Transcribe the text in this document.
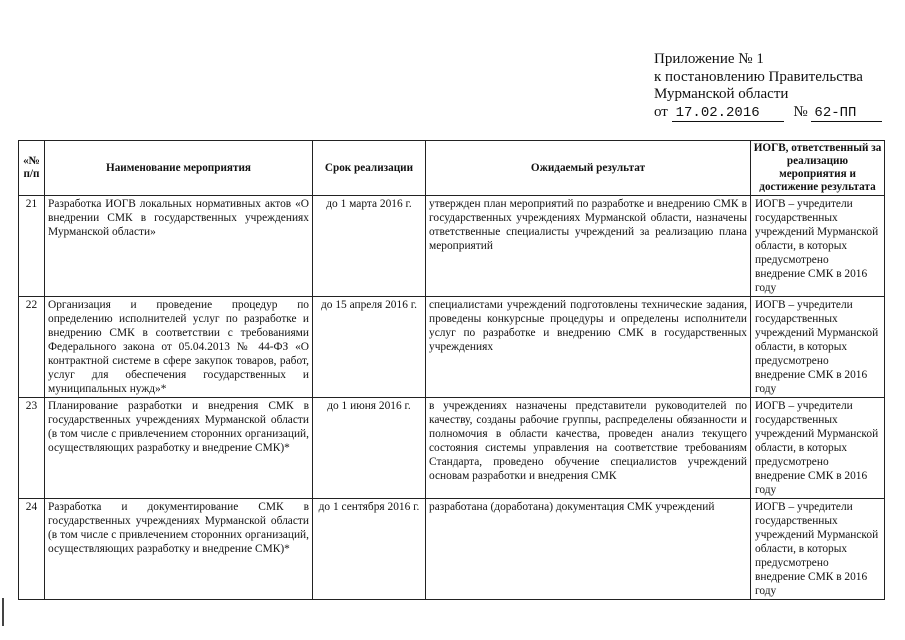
Приложение № 1
к постановлению Правительства
Мурманской области
от 17.02.2016 № 62-ПП
«№ п/п	Наименование мероприятия	Срок реализации	Ожидаемый результат	ИОГВ, ответственный за реализацию мероприятия и достижение результата
21	Разработка ИОГВ локальных нормативных актов «О внедрении СМК в государственных учреждениях Мурманской области»	до 1 марта 2016 г.	утвержден план мероприятий по разработке и внедрению СМК в государственных учреждениях Мурманской области, назначены ответственные специалисты учреждений за реализацию плана мероприятий	ИОГВ – учредители государственных учреждений Мурманской области, в которых предусмотрено внедрение СМК в 2016 году
22	Организация и проведение процедур по определению исполнителей услуг по разработке и внедрению СМК в соответствии с требованиями Федерального закона от 05.04.2013 № 44-ФЗ «О контрактной системе в сфере закупок товаров, работ, услуг для обеспечения государственных и муниципальных нужд»*	до 15 апреля 2016 г.	специалистами учреждений подготовлены технические задания, проведены конкурсные процедуры и определены исполнители услуг по разработке и внедрению СМК в государственных учреждениях	ИОГВ – учредители государственных учреждений Мурманской области, в которых предусмотрено внедрение СМК в 2016 году
23	Планирование разработки и внедрения СМК в государственных учреждениях Мурманской области (в том числе с привлечением сторонних организаций, осуществляющих разработку и внедрение СМК)*	до 1 июня 2016 г.	в учреждениях назначены представители руководителей по качеству, созданы рабочие группы, распределены обязанности и полномочия в области качества, проведен анализ текущего состояния системы управления на соответствие требованиям Стандарта, проведено обучение специалистов учреждений основам разработки и внедрения СМК	ИОГВ – учредители государственных учреждений Мурманской области, в которых предусмотрено внедрение СМК в 2016 году
24	Разработка и документирование СМК в государственных учреждениях Мурманской области (в том числе с привлечением сторонних организаций, осуществляющих разработку и внедрение СМК)*	до 1 сентября 2016 г.	разработана (доработана) документация СМК учреждений	ИОГВ – учредители государственных учреждений Мурманской области, в которых предусмотрено внедрение СМК в 2016 году
